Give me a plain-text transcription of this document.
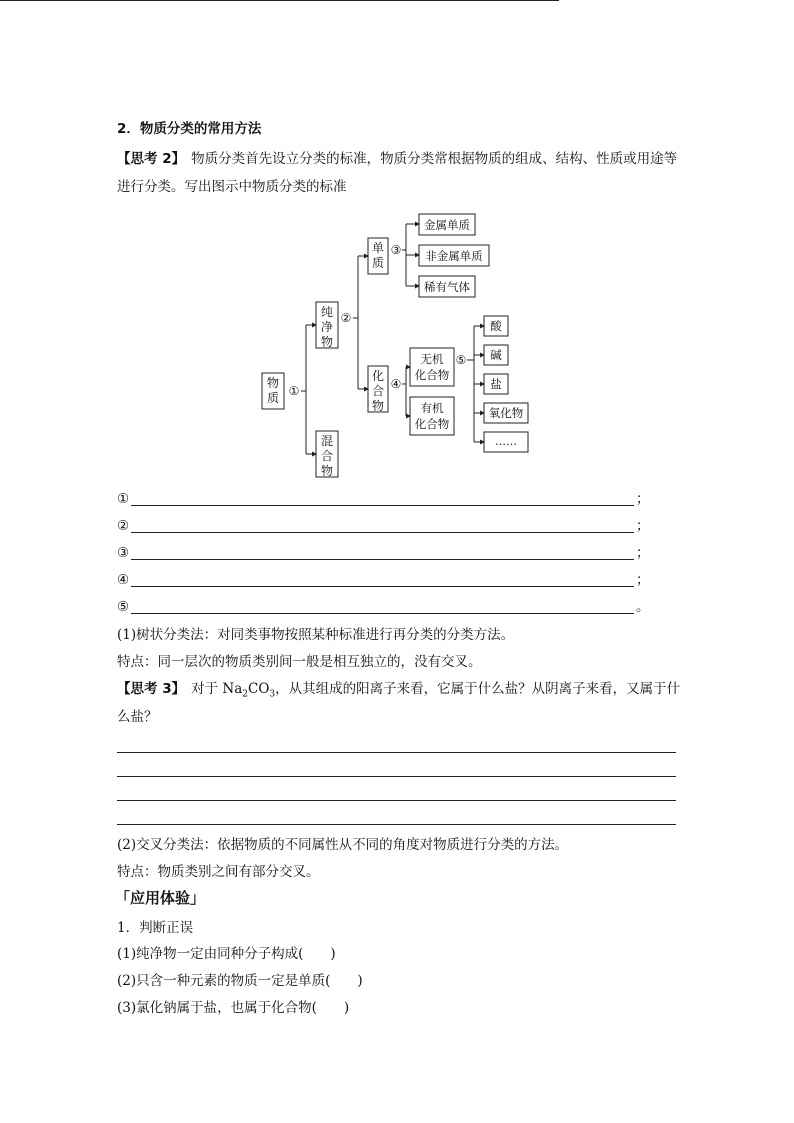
2．物质分类的常用方法
【思考 2】 物质分类首先设立分类的标准，物质分类常根据物质的组成、结构、性质或用途等
进行分类。写出图示中物质分类的标准
物质
纯净物
混合物
单质
化合物
①
②
③
④
⑤
金属单质
非金属单质
稀有气体
无机
化合物
有机
化合物
酸
碱
盐
氧化物
……
①	；
②	；
③	；
④	；
⑤	。
(1)树状分类法：对同类事物按照某种标准进行再分类的分类方法。
特点：同一层次的物质类别间一般是相互独立的，没有交叉。
【思考 3】 对于 $Na_2CO_3$，从其组成的阳离子来看，它属于什么盐？从阴离子来看，又属于什
么盐？
(2)交叉分类法：依据物质的不同属性从不同的角度对物质进行分类的方法。
特点：物质类别之间有部分交叉。
「应用体验」
1．判断正误
(1)纯净物一定由同种分子构成(　　)
(2)只含一种元素的物质一定是单质(　　)
(3)氯化钠属于盐，也属于化合物(　　)
